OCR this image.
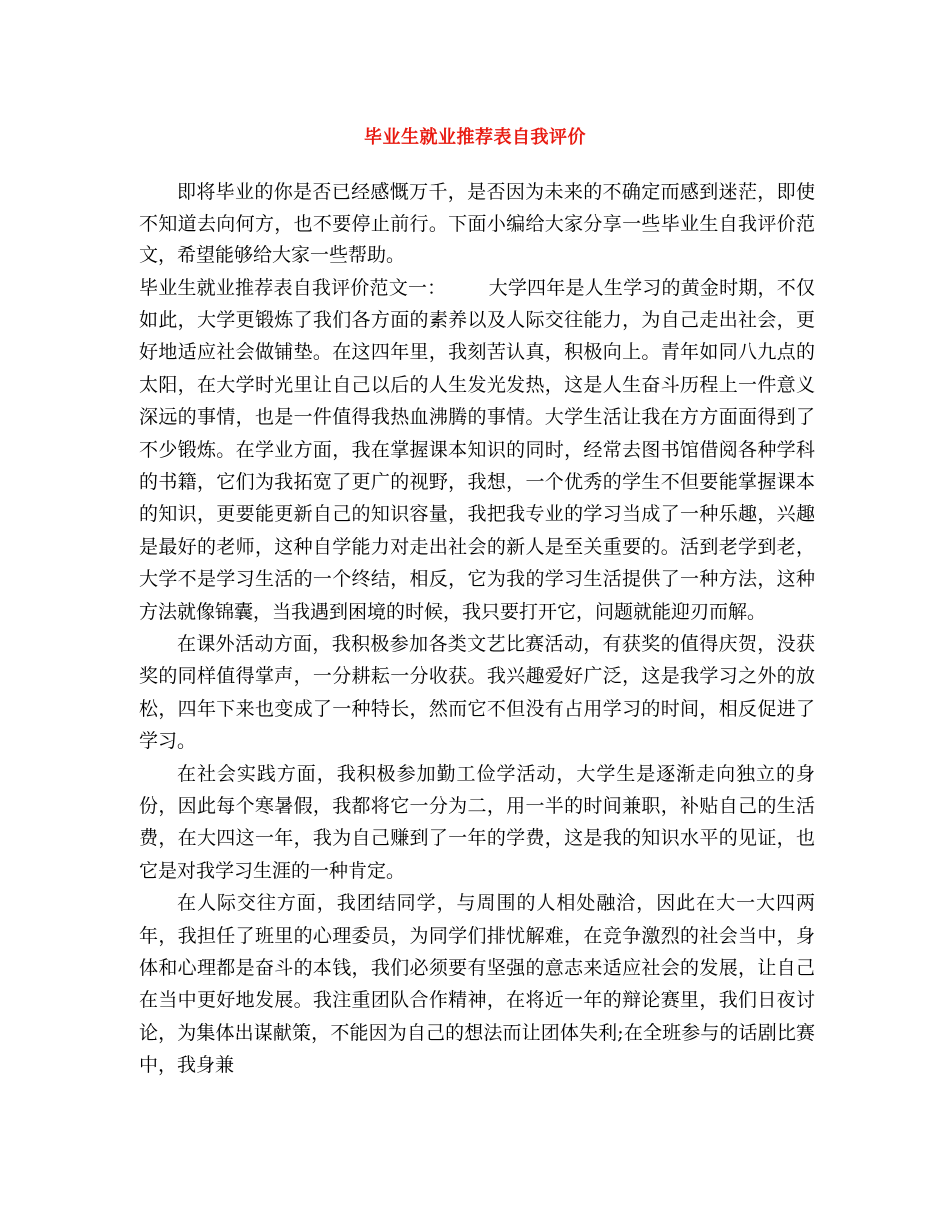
毕业生就业推荐表自我评价

即将毕业的你是否已经感慨万千，是否因为未来的不确定而感到迷茫，即使不知道去向何方，也不要停止前行。下面小编给大家分享一些毕业生自我评价范文，希望能够给大家一些帮助。

毕业生就业推荐表自我评价范文一： 大学四年是人生学习的黄金时期，不仅如此，大学更锻炼了我们各方面的素养以及人际交往能力，为自己走出社会，更好地适应社会做铺垫。在这四年里，我刻苦认真，积极向上。青年如同八九点的太阳，在大学时光里让自己以后的人生发光发热，这是人生奋斗历程上一件意义深远的事情，也是一件值得我热血沸腾的事情。大学生活让我在方方面面得到了不少锻炼。在学业方面，我在掌握课本知识的同时，经常去图书馆借阅各种学科的书籍，它们为我拓宽了更广的视野，我想，一个优秀的学生不但要能掌握课本的知识，更要能更新自己的知识容量，我把我专业的学习当成了一种乐趣，兴趣是最好的老师，这种自学能力对走出社会的新人是至关重要的。活到老学到老，大学不是学习生活的一个终结，相反，它为我的学习生活提供了一种方法，这种方法就像锦囊，当我遇到困境的时候，我只要打开它，问题就能迎刃而解。

在课外活动方面，我积极参加各类文艺比赛活动，有获奖的值得庆贺，没获奖的同样值得掌声，一分耕耘一分收获。我兴趣爱好广泛，这是我学习之外的放松，四年下来也变成了一种特长，然而它不但没有占用学习的时间，相反促进了学习。

在社会实践方面，我积极参加勤工俭学活动，大学生是逐渐走向独立的身份，因此每个寒暑假，我都将它一分为二，用一半的时间兼职，补贴自己的生活费，在大四这一年，我为自己赚到了一年的学费，这是我的知识水平的见证，也它是对我学习生涯的一种肯定。

在人际交往方面，我团结同学，与周围的人相处融洽，因此在大一大四两年，我担任了班里的心理委员，为同学们排忧解难，在竞争激烈的社会当中，身体和心理都是奋斗的本钱，我们必须要有坚强的意志来适应社会的发展，让自己在当中更好地发展。我注重团队合作精神，在将近一年的辩论赛里，我们日夜讨论，为集体出谋献策，不能因为自己的想法而让团体失利;在全班参与的话剧比赛中，我身兼
